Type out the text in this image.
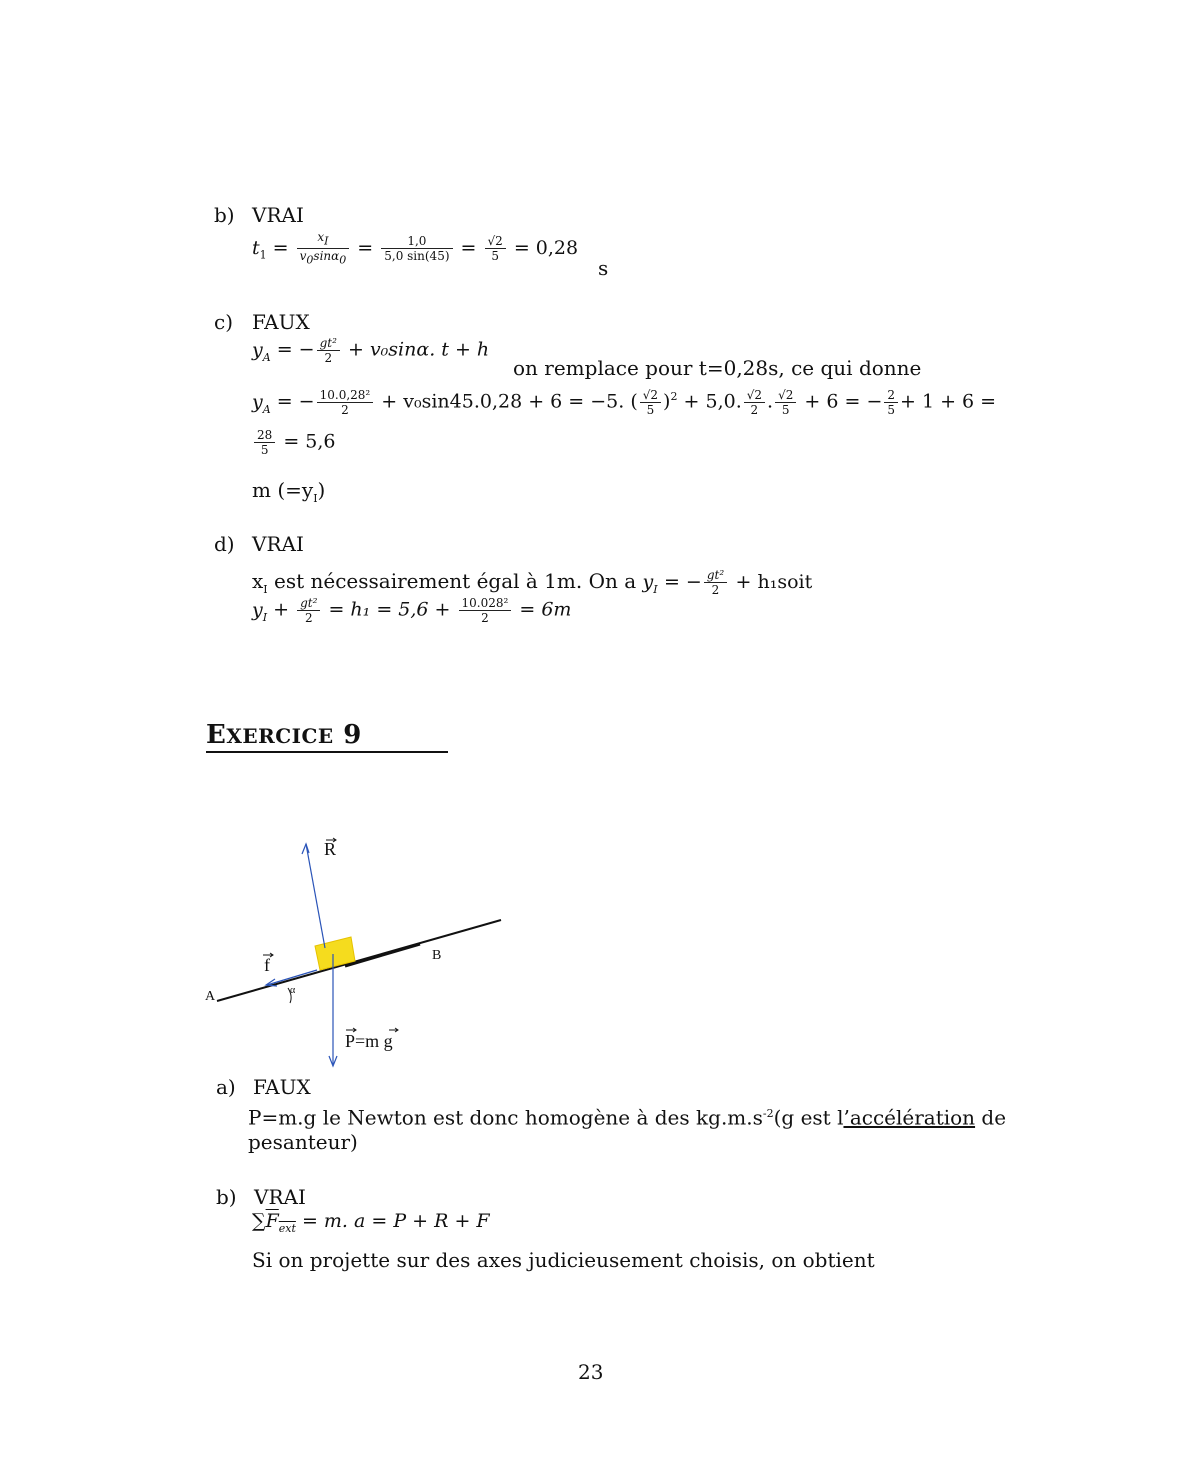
b) VRAI
$t_1 = \frac{x_I}{v_0\sin\alpha_0} = \frac{1,0}{5,0 \sin(45)} = \frac{√2}{5} = 0,28$
s
c) FAUX
$y_A$ = − $\frac{\text{gt²}}{2} + v_0\sin\alpha$. t + h
on remplace pour t=0,28s, ce qui donne
$y_A$ = − $\frac{\text{10.0,28²}}{2} + v_0\sin 45.0,28 + 6 = -5$. ( $\frac{√2}{5} )^2 + 5,0$. $\frac{√2}{2}$ . $\frac{√2}{5} + 6$ = − $\frac{2}{5} + 1 + 6$ =
$\frac{28}{5} = 5,6$
m $(=y_I)$
d) VRAI
$x_I$ est nécessairement égal à 1m. On a $y_I$ = − $\frac{\text{gt²}}{2}$ + h₁soit
$y_I + \frac{\text{gt²}}{2} = h_1 = 5,6 + \frac{\text{10.028²}}{2} = 6m$
EXERCICE 9
R
f	B
A	α
P=m g
a) FAUX
P=m.g le Newton est donc homogène à des $kg.m.s^{-2}(g$ est l’accélération de
pesanteur)
b) VRAI
$\sum F_{ext} = m$. a = P + R + F
Si on projette sur des axes judicieusement choisis, on obtient
23
